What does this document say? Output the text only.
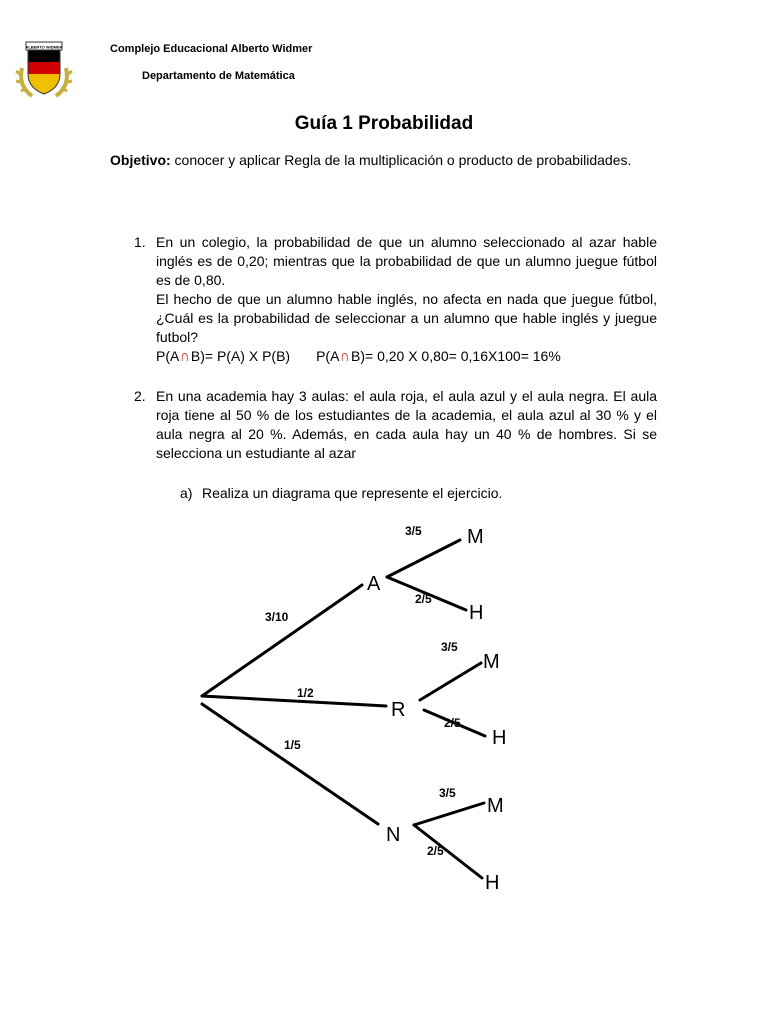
ALBERTO WIDMER	Complejo Educacional Alberto Widmer
Departamento de Matemática
Guía 1 Probabilidad
Objetivo: conocer y aplicar Regla de la multiplicación o producto de probabilidades.
1. En un colegio, la probabilidad de que un alumno seleccionado al azar hable inglés es de 0,20; mientras que la probabilidad de que un alumno juegue fútbol es de 0,80.
El hecho de que un alumno hable inglés, no afecta en nada que juegue fútbol, ¿Cuál es la probabilidad de seleccionar a un alumno que hable inglés y juegue futbol?
P(A∩B)= P(A) X P(B) P(A∩B)= 0,20 X 0,80= 0,16X100= 16%
2. En una academia hay 3 aulas: el aula roja, el aula azul y el aula negra. El aula roja tiene al 50 % de los estudiantes de la academia, el aula azul al 30 % y el aula negra al 20 %. Además, en cada aula hay un 40 % de hombres. Si se selecciona un estudiante al azar
a) Realiza un diagrama que represente el ejercicio.
3/10
1/2
1/5
3/5
2/5
3/5
2/5
3/5
2/5
A
R
N
M
H
M
H
M
H
